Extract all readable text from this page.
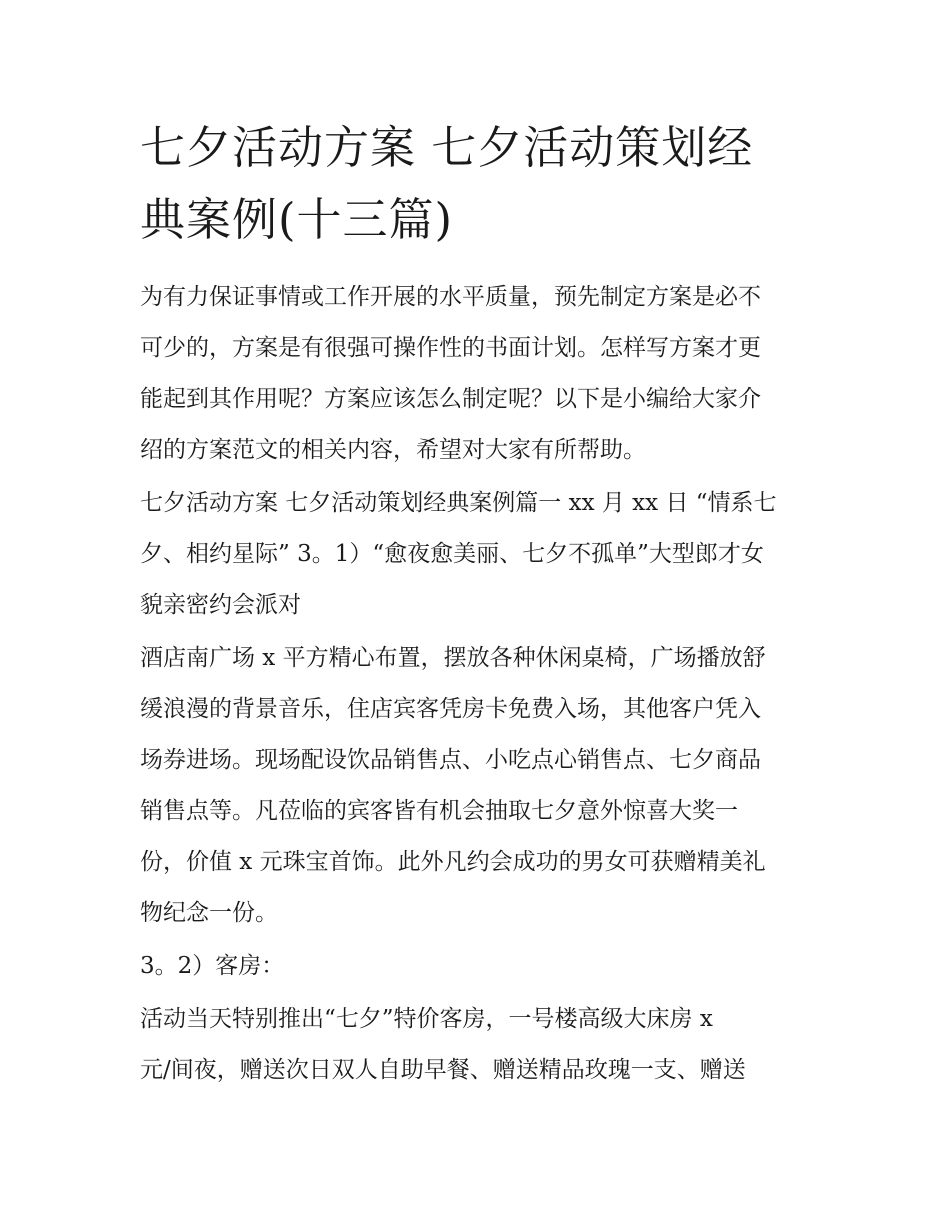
七夕活动方案 七夕活动策划经
典案例(十三篇)

为有力保证事情或工作开展的水平质量，预先制定方案是必不
可少的，方案是有很强可操作性的书面计划。怎样写方案才更
能起到其作用呢？方案应该怎么制定呢？以下是小编给大家介
绍的方案范文的相关内容，希望对大家有所帮助。

七夕活动方案 七夕活动策划经典案例篇一 xx 月 xx 日 “情系七
夕、相约星际” 3。1）“愈夜愈美丽、七夕不孤单”大型郎才女
貌亲密约会派对

酒店南广场 x 平方精心布置，摆放各种休闲桌椅，广场播放舒
缓浪漫的背景音乐，住店宾客凭房卡免费入场，其他客户凭入
场券进场。现场配设饮品销售点、小吃点心销售点、七夕商品
销售点等。凡莅临的宾客皆有机会抽取七夕意外惊喜大奖一
份，价值 x 元珠宝首饰。此外凡约会成功的男女可获赠精美礼
物纪念一份。

3。2）客房：

活动当天特别推出“七夕”特价客房，一号楼高级大床房 x
元/间夜，赠送次日双人自助早餐、赠送精品玫瑰一支、赠送
